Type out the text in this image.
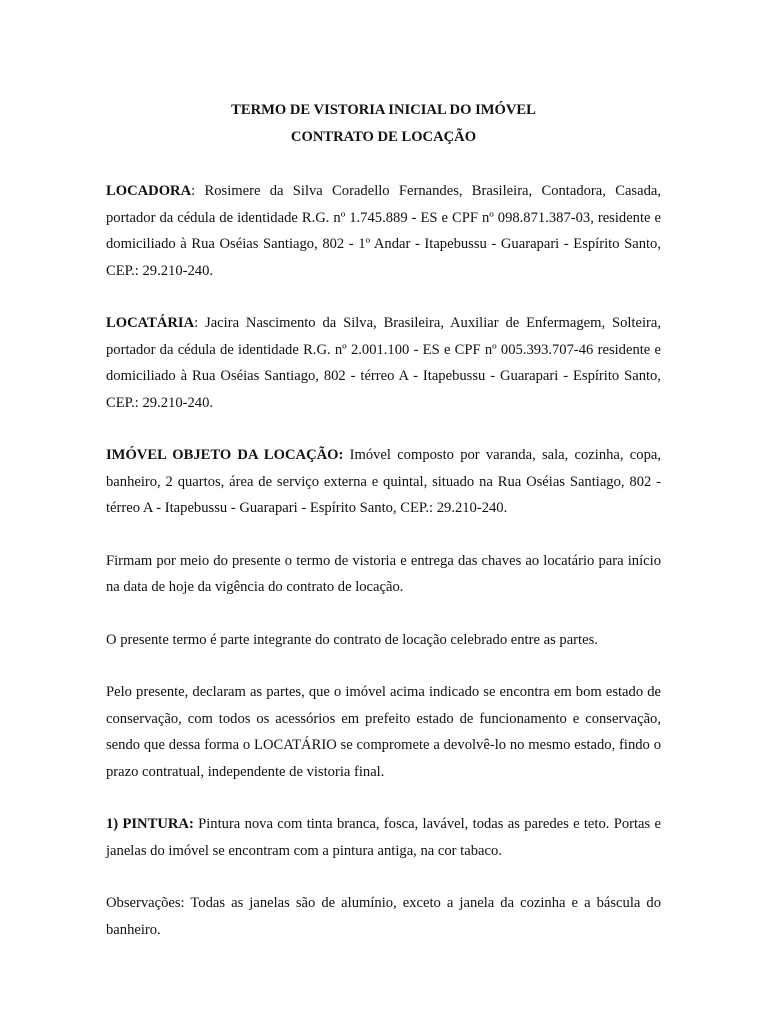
TERMO DE VISTORIA INICIAL DO IMÓVEL

CONTRATO DE LOCAÇÃO

LOCADORA: Rosimere da Silva Coradello Fernandes, Brasileira, Contadora, Casada, portador da cédula de identidade R.G. nº 1.745.889 - ES e CPF nº 098.871.387-03, residente e domiciliado à Rua Oséias Santiago, 802 - 1º Andar - Itapebussu - Guarapari - Espírito Santo, CEP.: 29.210-240.

LOCATÁRIA: Jacira Nascimento da Silva, Brasileira, Auxiliar de Enfermagem, Solteira, portador da cédula de identidade R.G. nº 2.001.100 - ES e CPF nº 005.393.707-46 residente e domiciliado à Rua Oséias Santiago, 802 - térreo A - Itapebussu - Guarapari - Espírito Santo, CEP.: 29.210-240.

IMÓVEL OBJETO DA LOCAÇÃO: Imóvel composto por varanda, sala, cozinha, copa, banheiro, 2 quartos, área de serviço externa e quintal, situado na Rua Oséias Santiago, 802 - térreo A - Itapebussu - Guarapari - Espírito Santo, CEP.: 29.210-240.

Firmam por meio do presente o termo de vistoria e entrega das chaves ao locatário para início na data de hoje da vigência do contrato de locação.

O presente termo é parte integrante do contrato de locação celebrado entre as partes.

Pelo presente, declaram as partes, que o imóvel acima indicado se encontra em bom estado de conservação, com todos os acessórios em prefeito estado de funcionamento e conservação, sendo que dessa forma o LOCATÁRIO se compromete a devolvê-lo no mesmo estado, findo o prazo contratual, independente de vistoria final.

1) PINTURA: Pintura nova com tinta branca, fosca, lavável, todas as paredes e teto. Portas e janelas do imóvel se encontram com a pintura antiga, na cor tabaco.

Observações: Todas as janelas são de alumínio, exceto a janela da cozinha e a báscula do banheiro.
